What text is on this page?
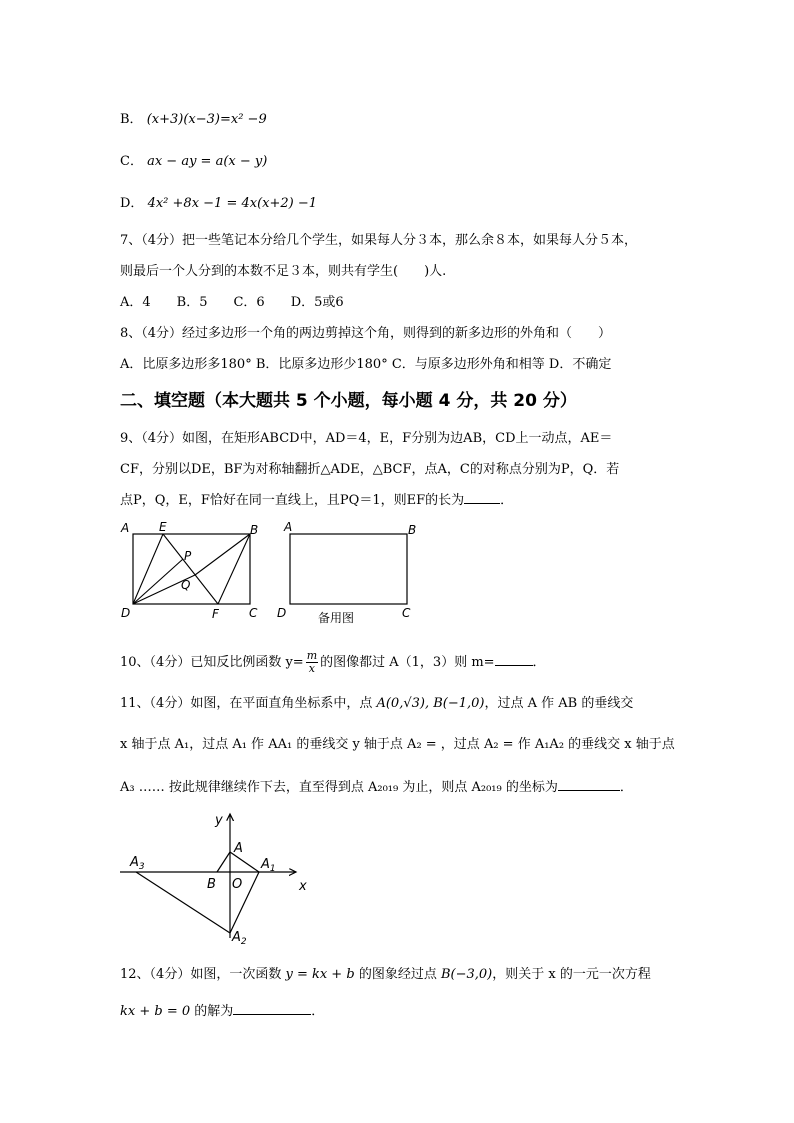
B． (x+3)(x−3)=x² −9
C． ax − ay = a(x − y)
D． 4x² +8x −1 = 4x(x+2) −1
7、（4分）把一些笔记本分给几个学生，如果每人分３本，那么余８本，如果每人分５本，
则最后一个人分到的本数不足３本，则共有学生(　　)人.
A．4　　B．5　　C．6　　D．5或6
8、（4分）经过多边形一个角的两边剪掉这个角，则得到的新多边形的外角和（　　）
A．比原多边形多180° B．比原多边形少180° C．与原多边形外角和相等 D．不确定
二、填空题（本大题共 5 个小题，每小题 4 分，共 20 分）
9、（4分）如图，在矩形ABCD中，AD＝4，E，F分别为边AB，CD上一动点，AE＝
CF，分别以DE，BF为对称轴翻折△ADE，△BCF，点A，C的对称点分别为P，Q．若
点P，Q，E，F恰好在同一直线上，且PQ＝1，则EF的长为	．
A E	B
P
Q
D	F	C
A	B
D	C
备用图
10、（4分）已知反比例函数 $y= \frac{m}{x}$ 的图像都过 A（1，3）则 m=	．
11、（4分）如图，在平面直角坐标系中，点 A(0,√3), B(−1,0)，过点 A 作 AB 的垂线交
x 轴于点 A₁，过点 A₁ 作 AA₁ 的垂线交 y 轴于点 A₂ = ，过点 A₂ = 作 A₁A₂ 的垂线交 x 轴于点
A₃ …… 按此规律继续作下去，直至得到点 A₂₀₁₉ 为止，则点 A₂₀₁₉ 的坐标为	．
y
x
A
$A_1$
$A_2$
$A_3$
B O
12、（4分）如图，一次函数 y = kx + b 的图象经过点 B(−3,0)，则关于 x 的一元一次方程
kx + b = 0 的解为	．
